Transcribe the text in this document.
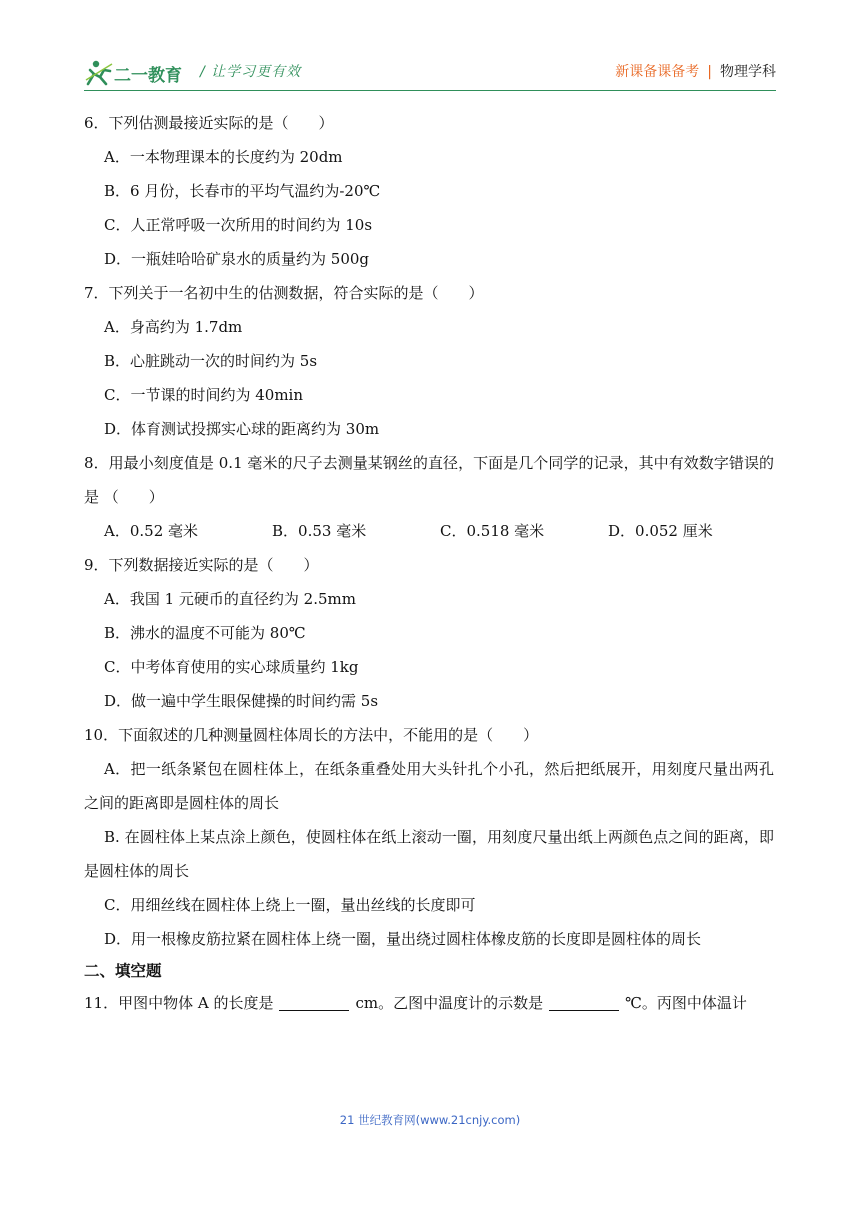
二一教育 / 让学习更有效	新课备课备考 | 物理学科
6．下列估测最接近实际的是（　　）
A．一本物理课本的长度约为 20dm
B．6 月份，长春市的平均气温约为-20℃
C．人正常呼吸一次所用的时间约为 10s
D．一瓶娃哈哈矿泉水的质量约为 500g
7．下列关于一名初中生的估测数据，符合实际的是（　　）
A．身高约为 1.7dm
B．心脏跳动一次的时间约为 5s
C．一节课的时间约为 40min
D．体育测试投掷实心球的距离约为 30m
8．用最小刻度值是 0.1 毫米的尺子去测量某钢丝的直径，下面是几个同学的记录，其中有效数字错误的是 （　　）
A．0.52 毫米	B．0.53 毫米	C．0.518 毫米	D．0.052 厘米
9．下列数据接近实际的是（　　）
A．我国 1 元硬币的直径约为 2.5mm
B．沸水的温度不可能为 80℃
C．中考体育使用的实心球质量约 1kg
D．做一遍中学生眼保健操的时间约需 5s
10．下面叙述的几种测量圆柱体周长的方法中，不能用的是（　　）
A．把一纸条紧包在圆柱体上，在纸条重叠处用大头针扎个小孔，然后把纸展开，用刻度尺量出两孔之间的距离即是圆柱体的周长
B. 在圆柱体上某点涂上颜色，使圆柱体在纸上滚动一圈，用刻度尺量出纸上两颜色点之间的距离，即是圆柱体的周长
C．用细丝线在圆柱体上绕上一圈，量出丝线的长度即可
D．用一根橡皮筋拉紧在圆柱体上绕一圈，量出绕过圆柱体橡皮筋的长度即是圆柱体的周长
二、填空题
11．甲图中物体 A 的长度是	cm。乙图中温度计的示数是	℃。丙图中体温计
21 世纪教育网(www.21cnjy.com)
